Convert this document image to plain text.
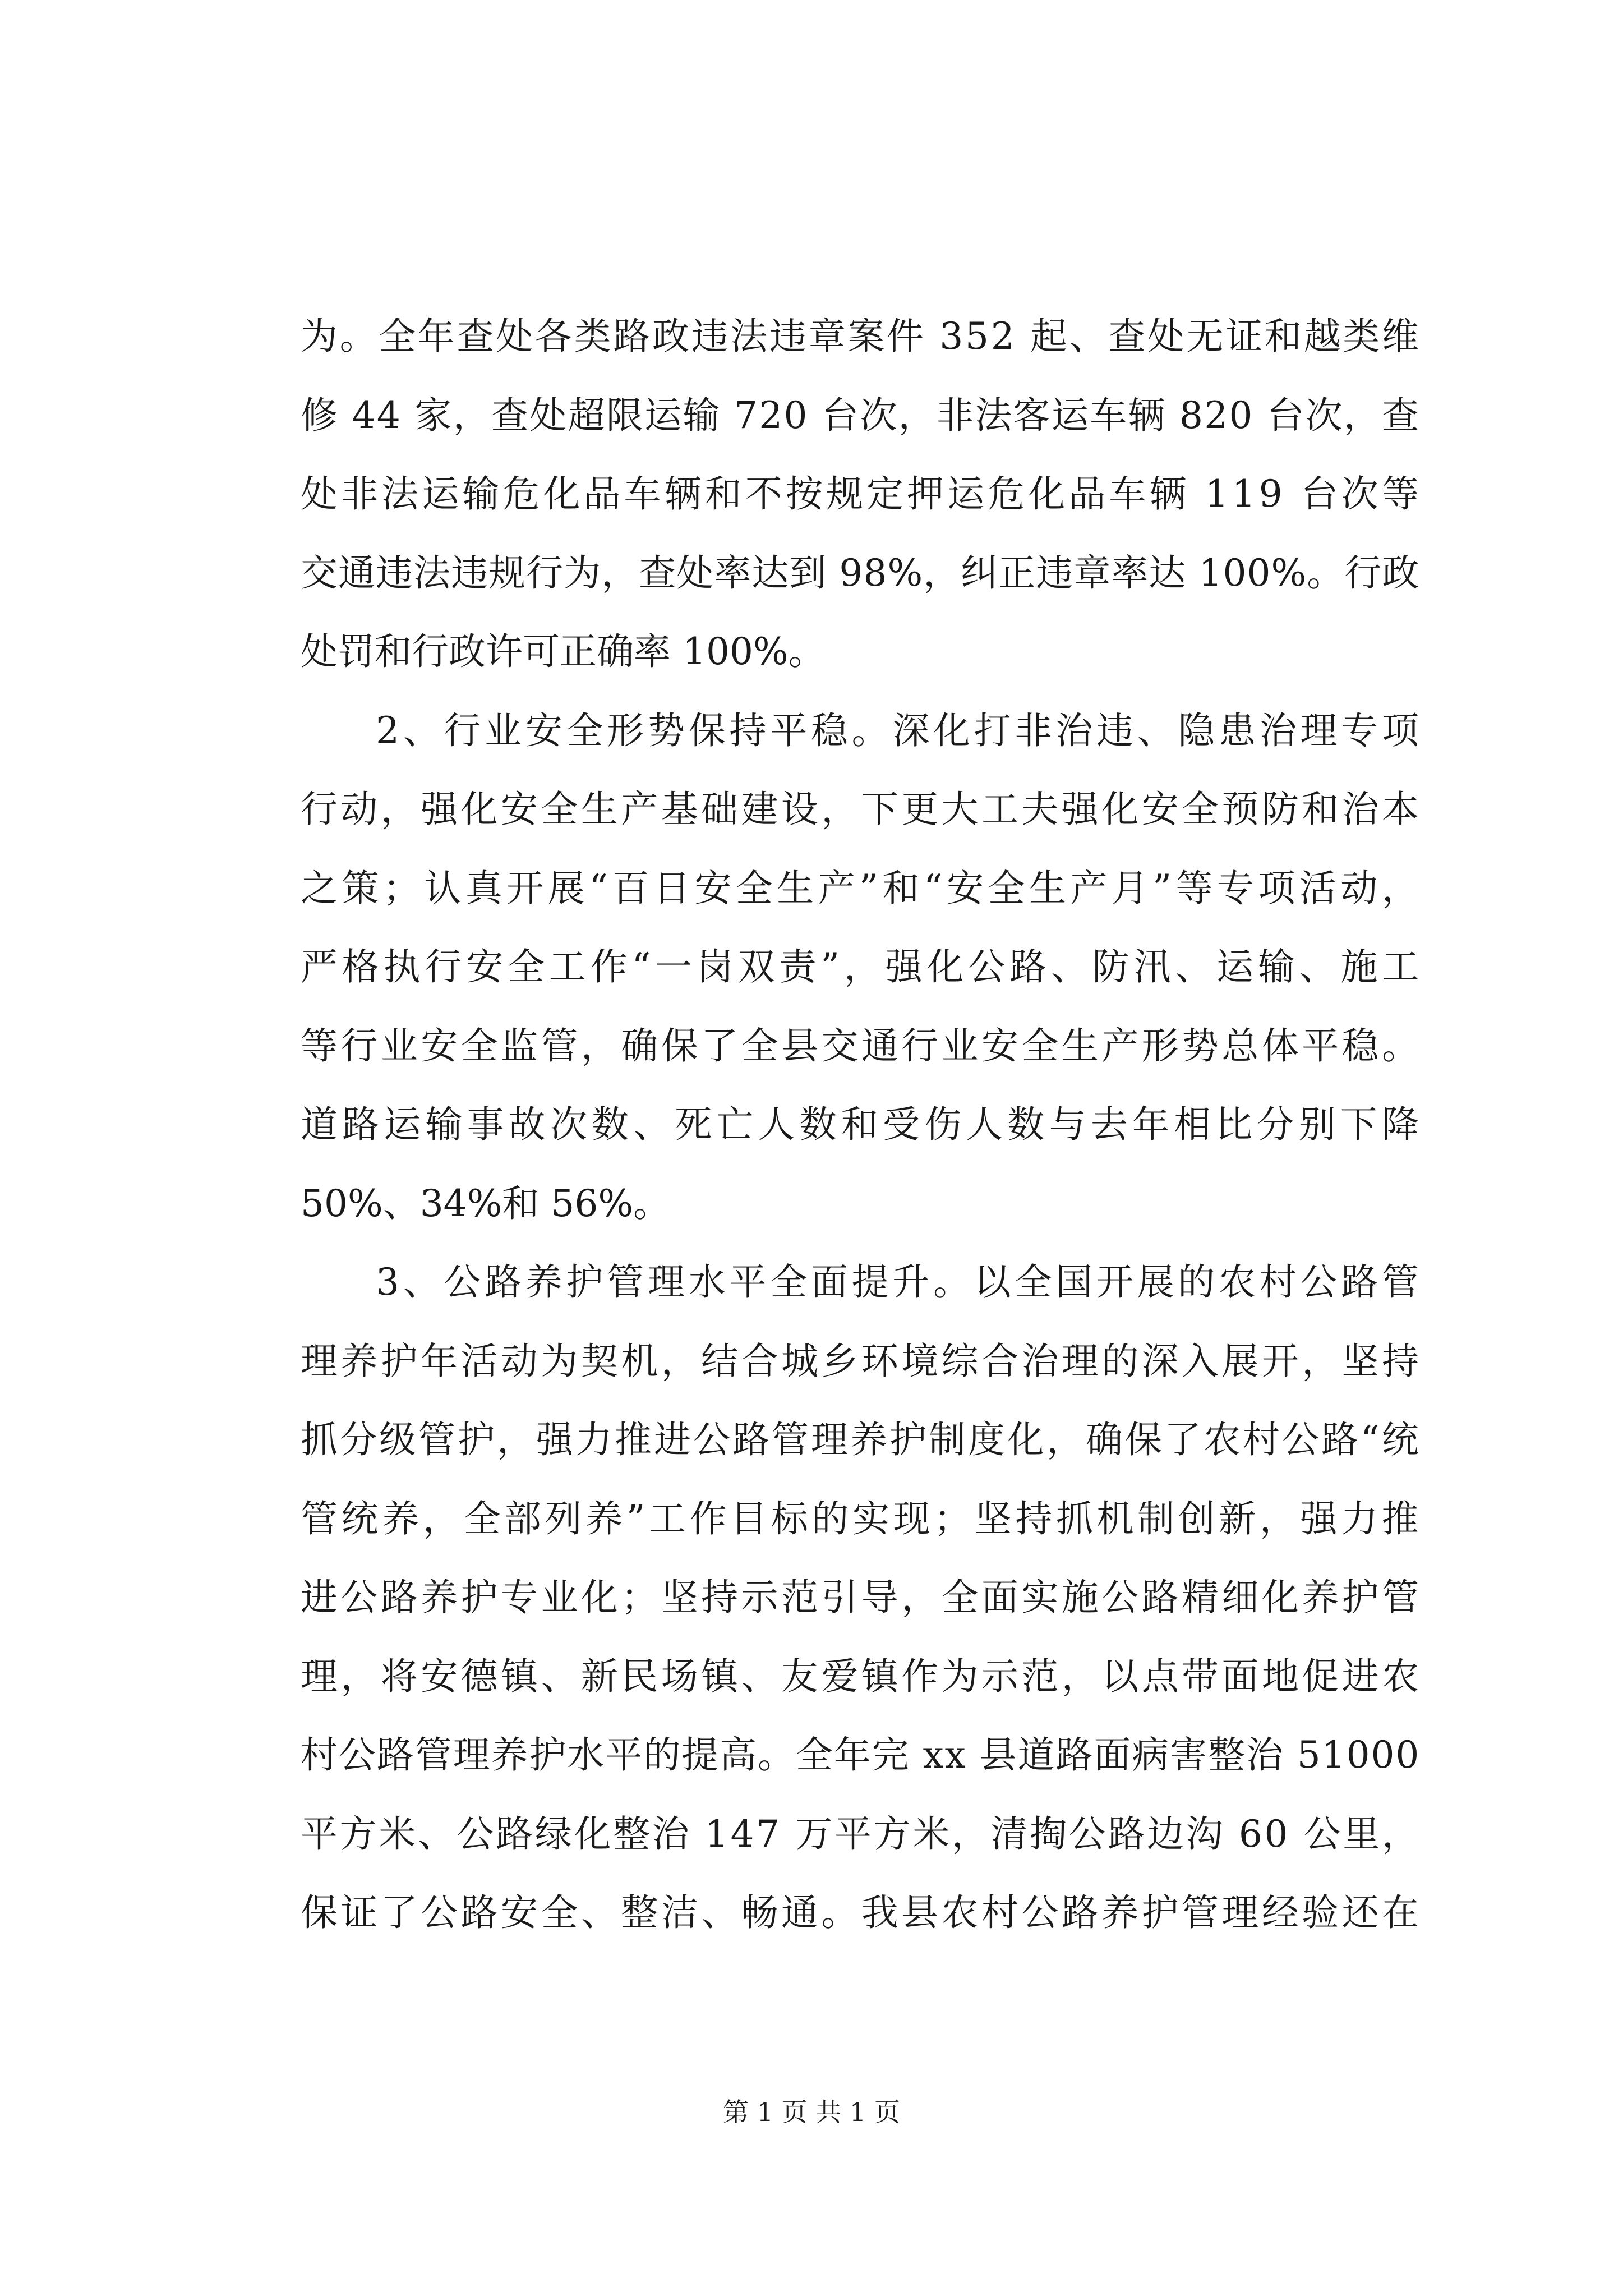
为。全年查处各类路政违法违章案件 352 起、查处无证和越类维
修 44 家，查处超限运输 720 台次，非法客运车辆 820 台次，查
处非法运输危化品车辆和不按规定押运危化品车辆 119 台次等
交通违法违规行为，查处率达到 98%，纠正违章率达 100%。行政
处罚和行政许可正确率 100%。
2、行业安全形势保持平稳。深化打非治违、隐患治理专项
行动，强化安全生产基础建设，下更大工夫强化安全预防和治本
之策；认真开展“百日安全生产”和“安全生产月”等专项活动，
严格执行安全工作“一岗双责”，强化公路、防汛、运输、施工
等行业安全监管，确保了全县交通行业安全生产形势总体平稳。
道路运输事故次数、死亡人数和受伤人数与去年相比分别下降
50%、34%和 56%。
3、公路养护管理水平全面提升。以全国开展的农村公路管
理养护年活动为契机，结合城乡环境综合治理的深入展开，坚持
抓分级管护，强力推进公路管理养护制度化，确保了农村公路“统
管统养，全部列养”工作目标的实现；坚持抓机制创新，强力推
进公路养护专业化；坚持示范引导，全面实施公路精细化养护管
理，将安德镇、新民场镇、友爱镇作为示范，以点带面地促进农
村公路管理养护水平的提高。全年完 xx 县道路面病害整治 51000
平方米、公路绿化整治 147 万平方米，清掏公路边沟 60 公里，
保证了公路安全、整洁、畅通。我县农村公路养护管理经验还在
第 1 页 共 1 页
